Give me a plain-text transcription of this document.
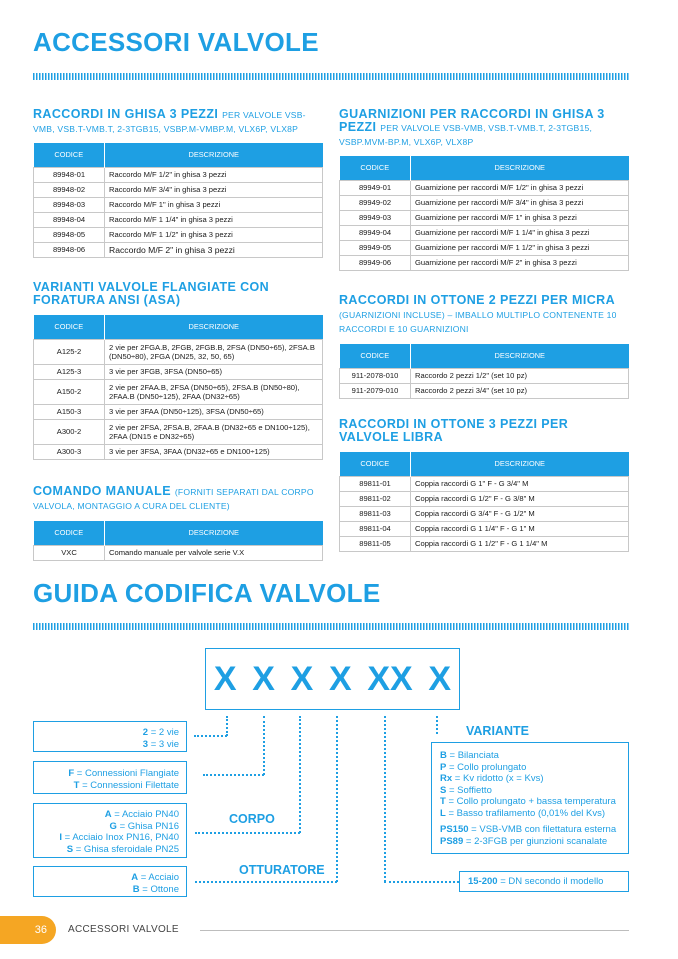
ACCESSORI VALVOLE
RACCORDI IN GHISA 3 PEZZI PER VALVOLE VSB-VMB, VSB.T-VMB.T, 2-3TGB15, VSBP.M-VMBP.M, VLX6P, VLX8P
CODICE	DESCRIZIONE
89948-01	Raccordo M/F 1/2" in ghisa 3 pezzi
89948-02	Raccordo M/F 3/4" in ghisa 3 pezzi
89948-03	Raccordo M/F 1" in ghisa 3 pezzi
89948-04	Raccordo M/F 1 1/4" in ghisa 3 pezzi
89948-05	Raccordo M/F 1 1/2" in ghisa 3 pezzi
89948-06	Raccordo M/F 2" in ghisa 3 pezzi
VARIANTI VALVOLE FLANGIATE CON FORATURA ANSI (ASA)
CODICE	DESCRIZIONE
A125-2	2 vie per 2FGA.B, 2FGB, 2FGB.B, 2FSA (DN50÷65), 2FSA.B (DN50÷80), 2FGA (DN25, 32, 50, 65)
A125-3	3 vie per 3FGB, 3FSA (DN50÷65)
A150-2	2 vie per 2FAA.B, 2FSA (DN50÷65), 2FSA.B (DN50÷80), 2FAA.B (DN50÷125), 2FAA (DN32÷65)
A150-3	3 vie per 3FAA (DN50÷125), 3FSA (DN50÷65)
A300-2	2 vie per 2FSA, 2FSA.B, 2FAA.B (DN32÷65 e DN100÷125), 2FAA (DN15 e DN32÷65)
A300-3	3 vie per 3FSA, 3FAA (DN32÷65 e DN100÷125)
COMANDO MANUALE (FORNITI SEPARATI DAL CORPO VALVOLA, MONTAGGIO A CURA DEL CLIENTE)
CODICE	DESCRIZIONE
VXC	Comando manuale per valvole serie V.X
GUARNIZIONI PER RACCORDI IN GHISA 3 PEZZI PER VALVOLE VSB-VMB, VSB.T-VMB.T, 2-3TGB15, VSBP.MVM-BP.M, VLX6P, VLX8P
CODICE	DESCRIZIONE
89949-01	Guarnizione per raccordi M/F 1/2" in ghisa 3 pezzi
89949-02	Guarnizione per raccordi M/F 3/4" in ghisa 3 pezzi
89949-03	Guarnizione per raccordi M/F 1" in ghisa 3 pezzi
89949-04	Guarnizione per raccordi M/F 1 1/4" in ghisa 3 pezzi
89949-05	Guarnizione per raccordi M/F 1 1/2" in ghisa 3 pezzi
89949-06	Guarnizione per raccordi M/F 2" in ghisa 3 pezzi
RACCORDI IN OTTONE 2 PEZZI PER MICRA
(GUARNIZIONI INCLUSE) – IMBALLO MULTIPLO CONTENENTE 10 RACCORDI E 10 GUARNIZIONI
CODICE	DESCRIZIONE
911-2078-010	Raccordo 2 pezzi 1/2" (set 10 pz)
911-2079-010	Raccordo 2 pezzi 3/4" (set 10 pz)
RACCORDI IN OTTONE 3 PEZZI PER VALVOLE LIBRA
CODICE	DESCRIZIONE
89811-01	Coppia raccordi G 1" F - G 3/4" M
89811-02	Coppia raccordi G 1/2" F - G 3/8" M
89811-03	Coppia raccordi G 3/4" F - G 1/2" M
89811-04	Coppia raccordi G 1 1/4" F - G 1" M
89811-05	Coppia raccordi G 1 1/2" F - G 1 1/4" M
GUIDA CODIFICA VALVOLE
X X X X XX X
2 = 2 vie
3 = 3 vie
F = Connessioni Flangiate
T = Connessioni Filettate
A = Acciaio PN40
G = Ghisa PN16
I = Acciaio Inox PN16, PN40
S = Ghisa sferoidale PN25
A = Acciaio
B = Ottone
CORPO
OTTURATORE
VARIANTE
B = Bilanciata
P = Collo prolungato
Rx = Kv ridotto (x = Kvs)
S = Soffietto
T = Collo prolungato + bassa temperatura
L = Basso trafilamento (0,01% del Kvs)
PS150 = VSB-VMB con filettatura esterna
PS89 = 2-3FGB per giunzioni scanalate
15-200 = DN secondo il modello
36 ACCESSORI VALVOLE
